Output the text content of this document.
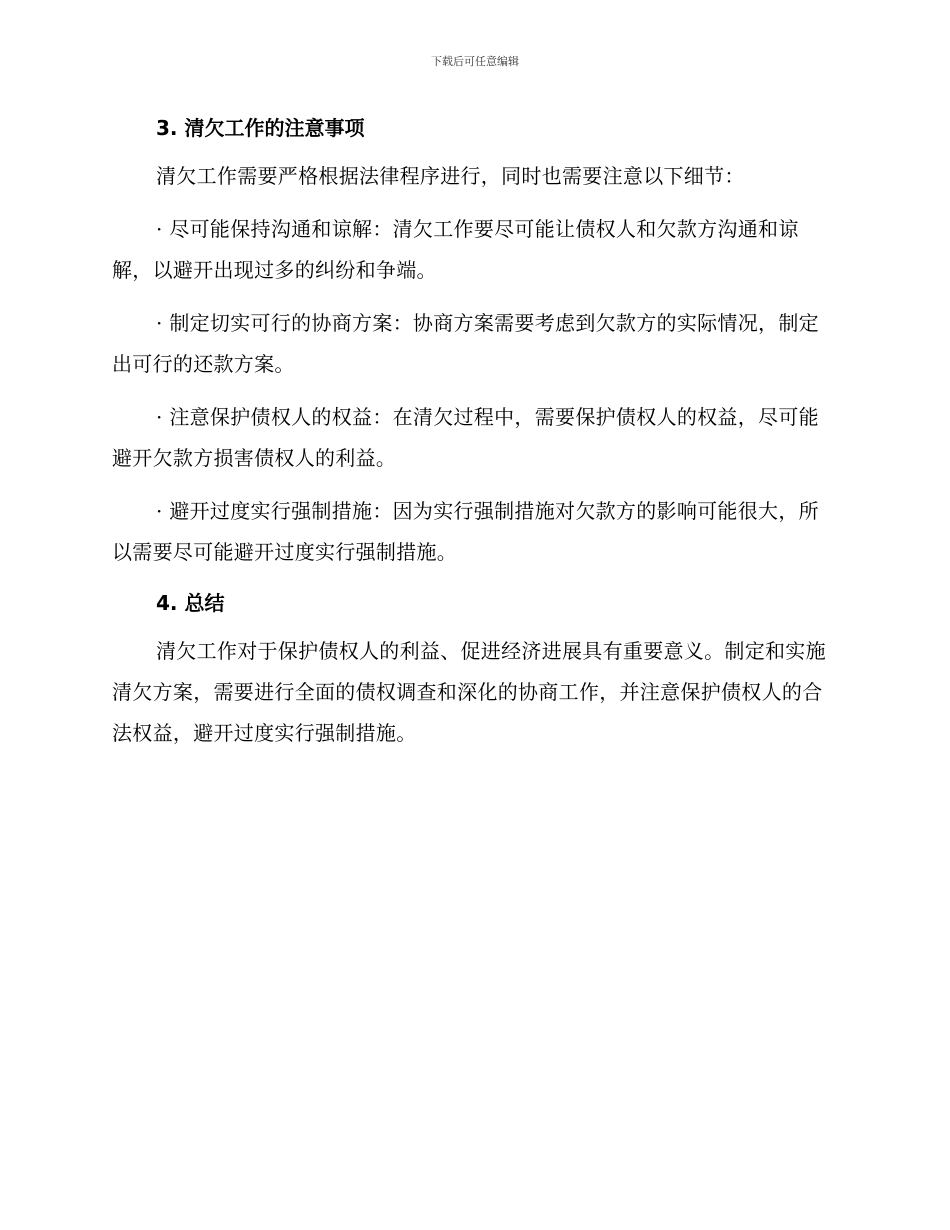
下载后可任意编辑
3. 清欠工作的注意事项

清欠工作需要严格根据法律程序进行，同时也需要注意以下细节：

· 尽可能保持沟通和谅解：清欠工作要尽可能让债权人和欠款方沟通和谅解，以避开出现过多的纠纷和争端。

· 制定切实可行的协商方案：协商方案需要考虑到欠款方的实际情况，制定出可行的还款方案。

· 注意保护债权人的权益：在清欠过程中，需要保护债权人的权益，尽可能避开欠款方损害债权人的利益。

· 避开过度实行强制措施：因为实行强制措施对欠款方的影响可能很大，所以需要尽可能避开过度实行强制措施。

4. 总结

清欠工作对于保护债权人的利益、促进经济进展具有重要意义。制定和实施清欠方案，需要进行全面的债权调查和深化的协商工作，并注意保护债权人的合法权益，避开过度实行强制措施。
